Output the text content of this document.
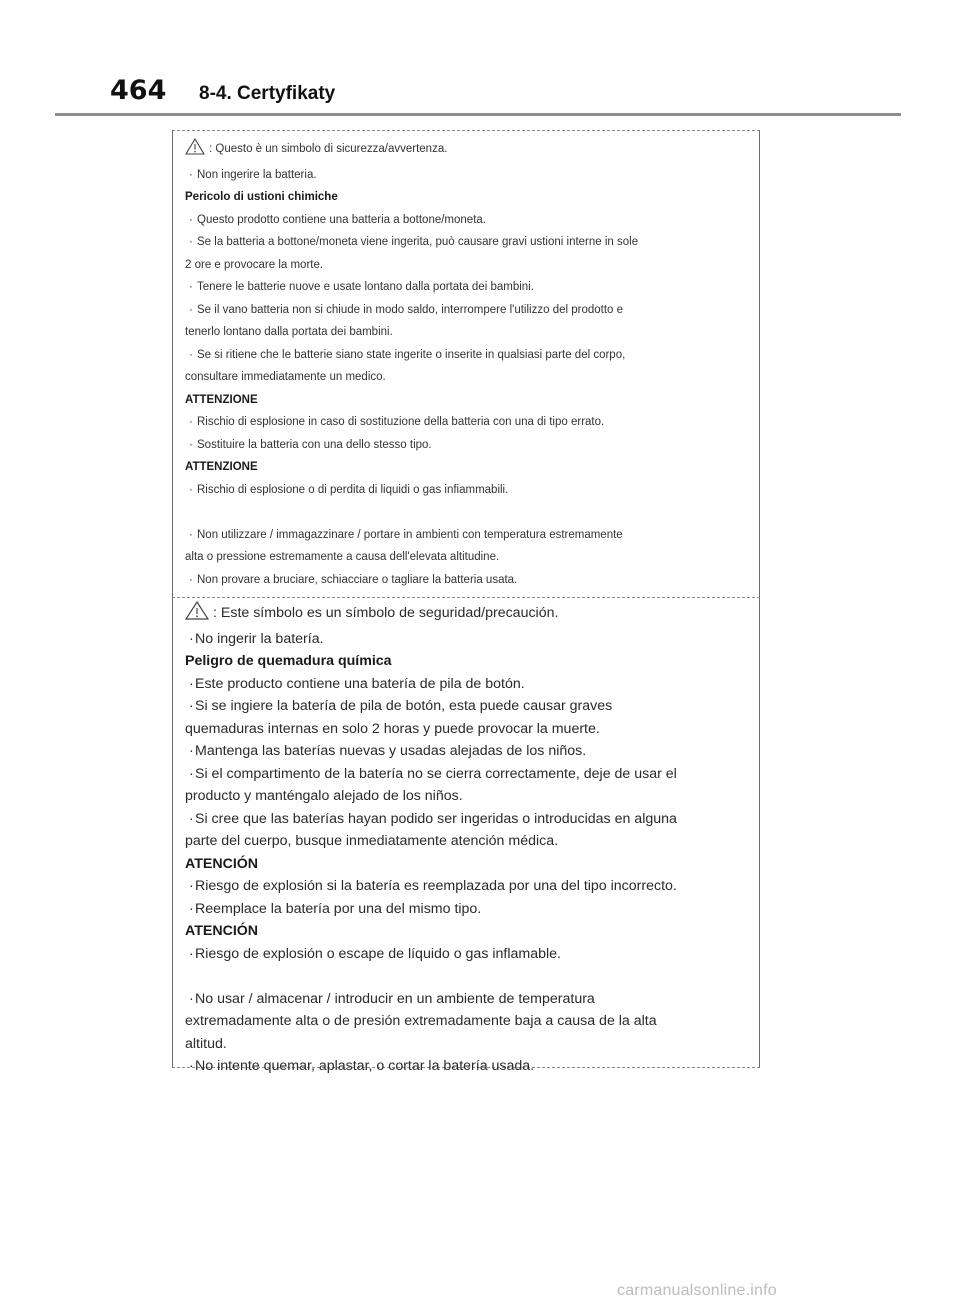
464 8-4. Certyfikaty
: Questo è un simbolo di sicurezza/avvertenza.
· Non ingerire la batteria.
Pericolo di ustioni chimiche
· Questo prodotto contiene una batteria a bottone/moneta.
· Se la batteria a bottone/moneta viene ingerita, può causare gravi ustioni interne in sole
2 ore e provocare la morte.
· Tenere le batterie nuove e usate lontano dalla portata dei bambini.
· Se il vano batteria non si chiude in modo saldo, interrompere l'utilizzo del prodotto e
tenerlo lontano dalla portata dei bambini.
· Se si ritiene che le batterie siano state ingerite o inserite in qualsiasi parte del corpo,
consultare immediatamente un medico.
ATTENZIONE
· Rischio di esplosione in caso di sostituzione della batteria con una di tipo errato.
· Sostituire la batteria con una dello stesso tipo.
ATTENZIONE
· Rischio di esplosione o di perdita di liquidi o gas infiammabili.
· Non utilizzare / immagazzinare / portare in ambienti con temperatura estremamente
alta o pressione estremamente a causa dell'elevata altitudine.
· Non provare a bruciare, schiacciare o tagliare la batteria usata.
: Este símbolo es un símbolo de seguridad/precaución.
· No ingerir la batería.
Peligro de quemadura química
· Este producto contiene una batería de pila de botón.
· Si se ingiere la batería de pila de botón, esta puede causar graves
quemaduras internas en solo 2 horas y puede provocar la muerte.
· Mantenga las baterías nuevas y usadas alejadas de los niños.
· Si el compartimento de la batería no se cierra correctamente, deje de usar el
producto y manténgalo alejado de los niños.
· Si cree que las baterías hayan podido ser ingeridas o introducidas en alguna
parte del cuerpo, busque inmediatamente atención médica.
ATENCIÓN
· Riesgo de explosión si la batería es reemplazada por una del tipo incorrecto.
· Reemplace la batería por una del mismo tipo.
ATENCIÓN
· Riesgo de explosión o escape de líquido o gas inflamable.
· No usar / almacenar / introducir en un ambiente de temperatura
extremadamente alta o de presión extremadamente baja a causa de la alta
altitud.
· No intente quemar, aplastar, o cortar la batería usada.
carmanualsonline.info
